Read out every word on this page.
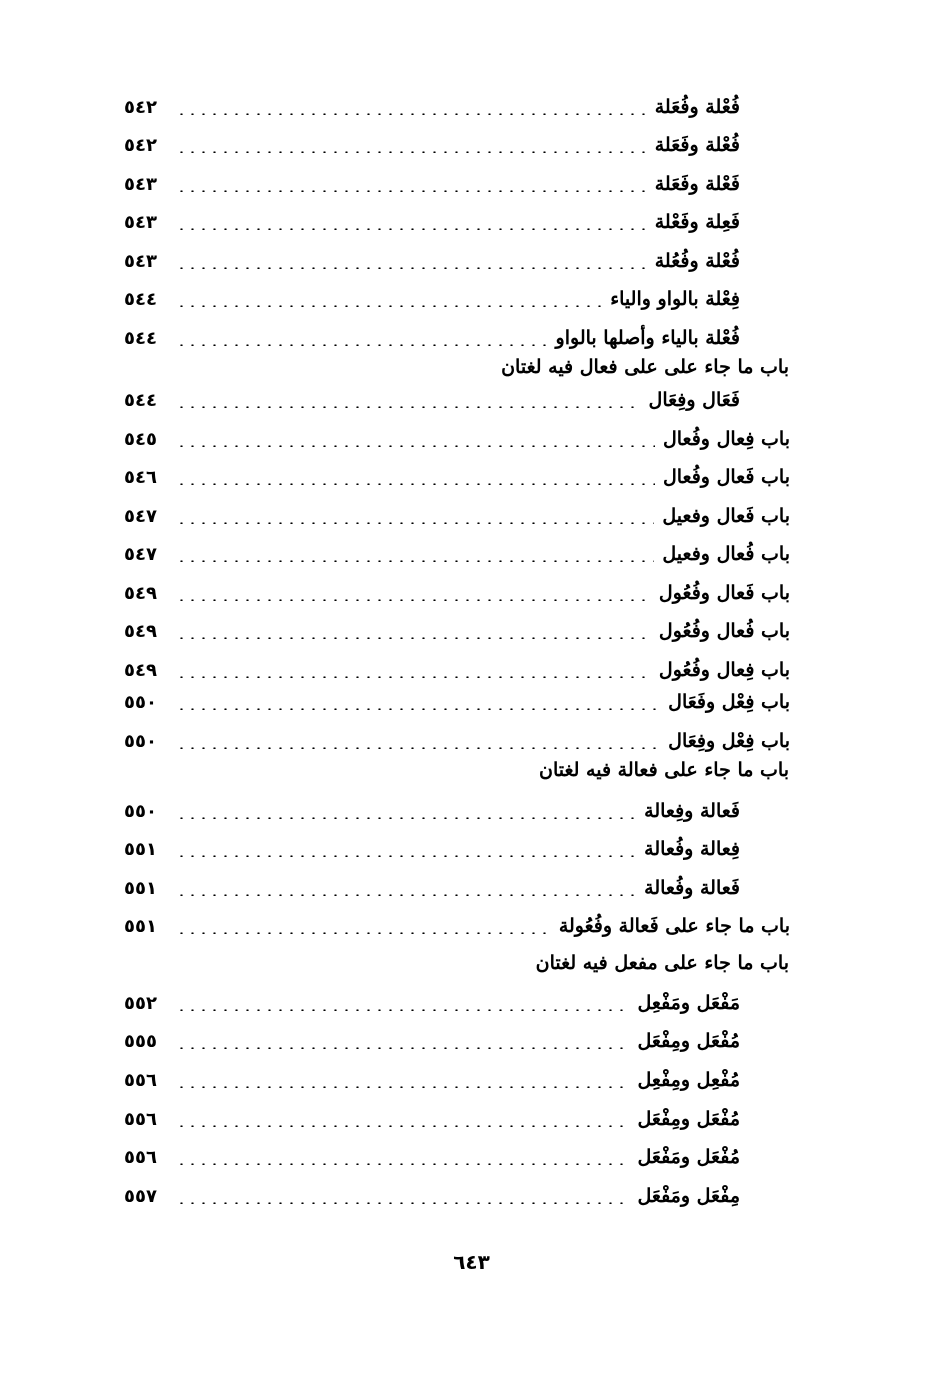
فُعْلة وفُعَلة
٥٤٢
فُعْلة وفَعَلة
٥٤٢
فَعْلة وفَعَلة
٥٤٣
فَعِلة وفَعْلة
٥٤٣
فُعْلة وفُعُلة
٥٤٣
فِعْلة بالواو والياء
٥٤٤
فُعْلة بالياء وأصلها بالواو
٥٤٤
باب ما جاء على على فعال فيه لغتان
فَعَال وفِعَال
٥٤٤
باب فِعال وفُعال
٥٤٥
باب فَعال وفُعال
٥٤٦
باب فَعال وفعيل
٥٤٧
باب فُعال وفعيل
٥٤٧
باب فَعال وفُعُول
٥٤٩
باب فُعال وفُعُول
٥٤٩
باب فِعال وفُعُول
٥٤٩
باب فِعْل وفَعَال
٥٥٠
باب فِعْل وفِعَال
٥٥٠
باب ما جاء على فعالة فيه لغتان
فَعالة وفِعالة
٥٥٠
فِعالة وفُعالة
٥٥١
فَعالة وفُعالة
٥٥١
باب ما جاء على فَعالة وفُعُولة
٥٥١
باب ما جاء على مفعل فيه لغتان
مَفْعَل ومَفْعِل
٥٥٢
مُفْعَل ومِفْعَل
٥٥٥
مُفْعِل ومِفْعِل
٥٥٦
مُفْعَل ومِفْعَل
٥٥٦
مُفْعَل ومَفْعَل
٥٥٦
مِفْعَل ومَفْعَل
٥٥٧
٦٤٣
